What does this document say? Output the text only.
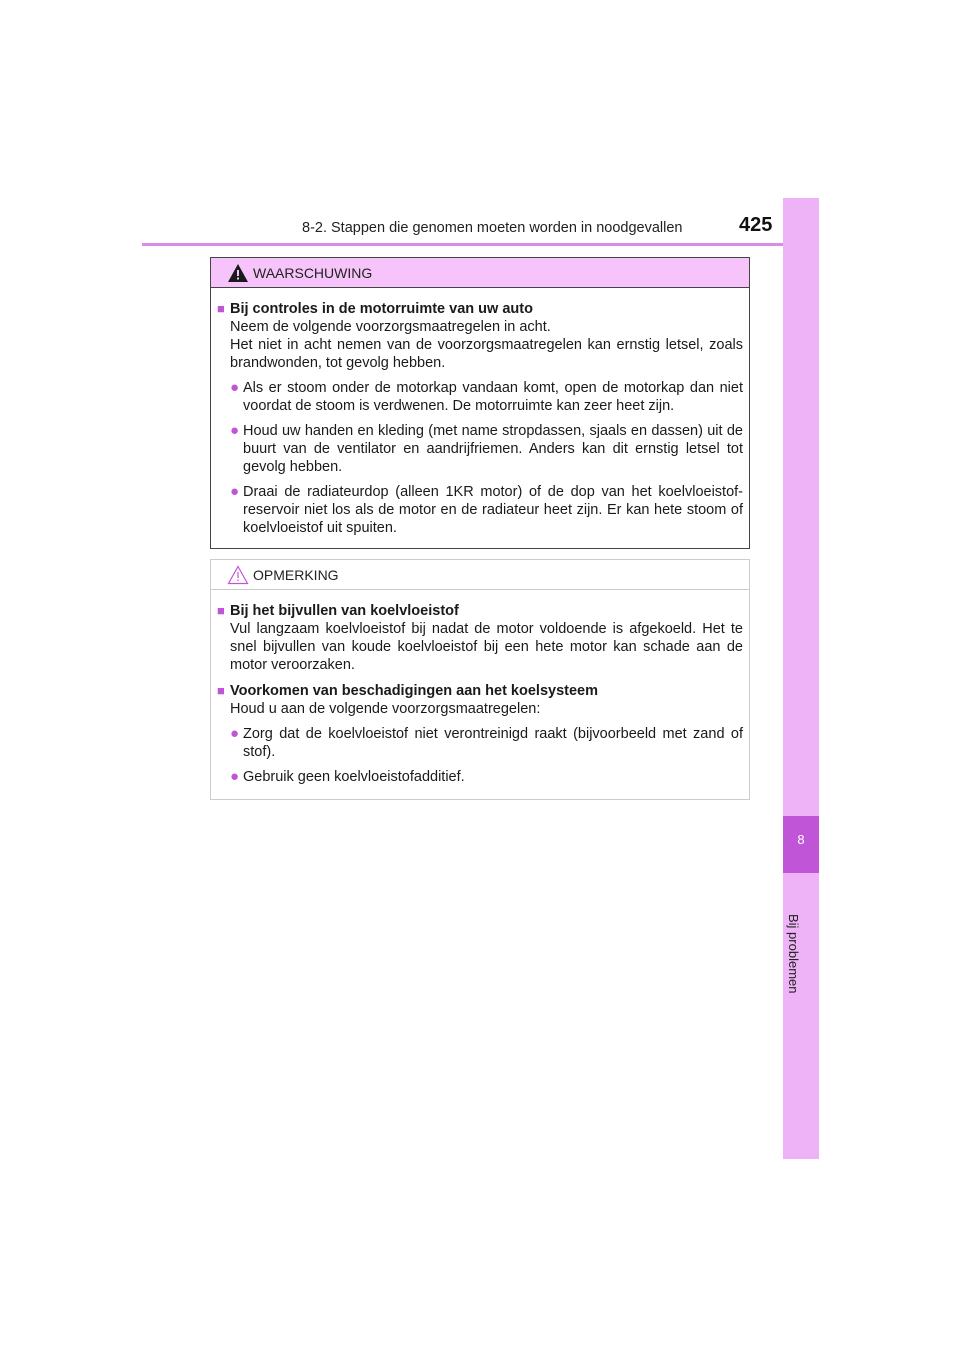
8-2. Stappen die genomen moeten worden in noodgevallen	425
8
Bij problemen
WAARSCHUWING
■ Bij controles in de motorruimte van uw auto
Neem de volgende voorzorgsmaatregelen in acht.
Het niet in acht nemen van de voorzorgsmaatregelen kan ernstig letsel, zoals brandwonden, tot gevolg hebben.
● Als er stoom onder de motorkap vandaan komt, open de motorkap dan niet voordat de stoom is verdwenen. De motorruimte kan zeer heet zijn.
● Houd uw handen en kleding (met name stropdassen, sjaals en dassen) uit de buurt van de ventilator en aandrijfriemen. Anders kan dit ernstig letsel tot gevolg hebben.
● Draai de radiateurdop (alleen 1KR motor) of de dop van het koelvloeistof-reservoir niet los als de motor en de radiateur heet zijn. Er kan hete stoom of koelvloeistof uit spuiten.
OPMERKING
■ Bij het bijvullen van koelvloeistof
Vul langzaam koelvloeistof bij nadat de motor voldoende is afgekoeld. Het te snel bijvullen van koude koelvloeistof bij een hete motor kan schade aan de motor veroorzaken.
■ Voorkomen van beschadigingen aan het koelsysteem
Houd u aan de volgende voorzorgsmaatregelen:
● Zorg dat de koelvloeistof niet verontreinigd raakt (bijvoorbeeld met zand of stof).
● Gebruik geen koelvloeistofadditief.
